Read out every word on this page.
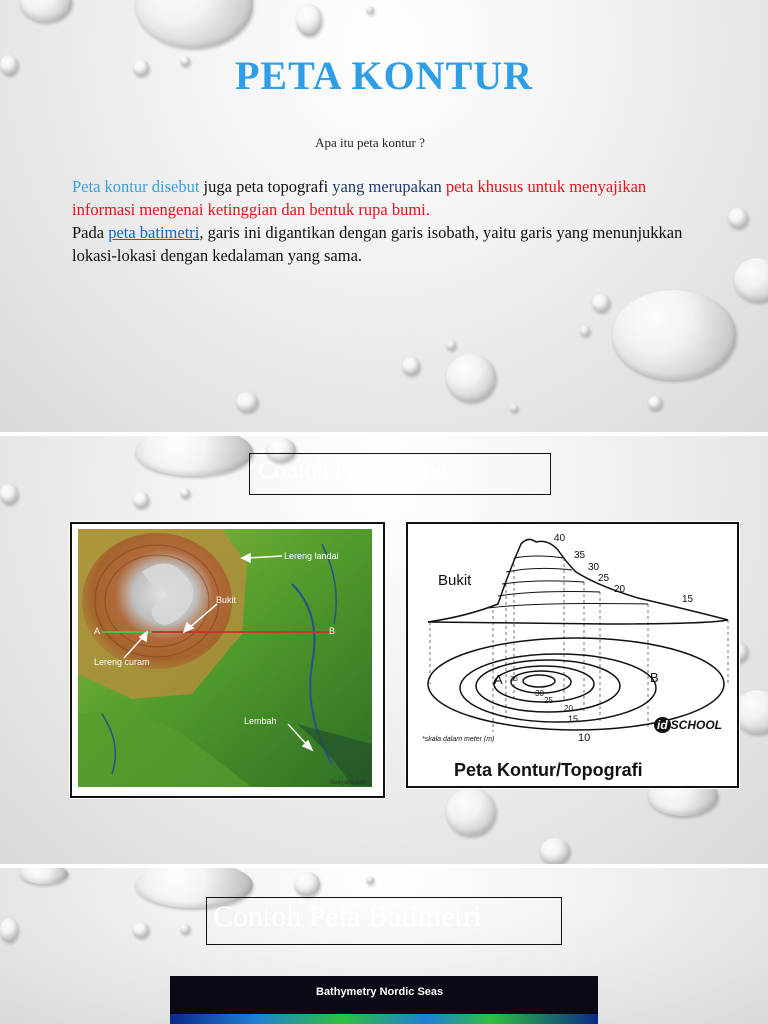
PETA KONTUR
Apa itu peta kontur ?
Peta kontur disebut juga peta topografi yang merupakan peta khusus untuk menyajikan informasi mengenai ketinggian dan bentuk rupa bumi.
Pada peta batimetri, garis ini digantikan dengan garis isobath, yaitu garis yang menunjukkan lokasi-lokasi dengan kedalaman yang sama.
Contoh Peta Kontur
Lereng landai
Bukit
A	B
Lereng curam
Lembah
Seeyaka.com
Bukit
40
35
30
25
20
15
A 35
30
25
20
15
B
10
*skala dalam meter (m)
id SCHOOL
Peta Kontur/Topografi
Contoh Peta Batimetri
Bathymetry Nordic Seas
